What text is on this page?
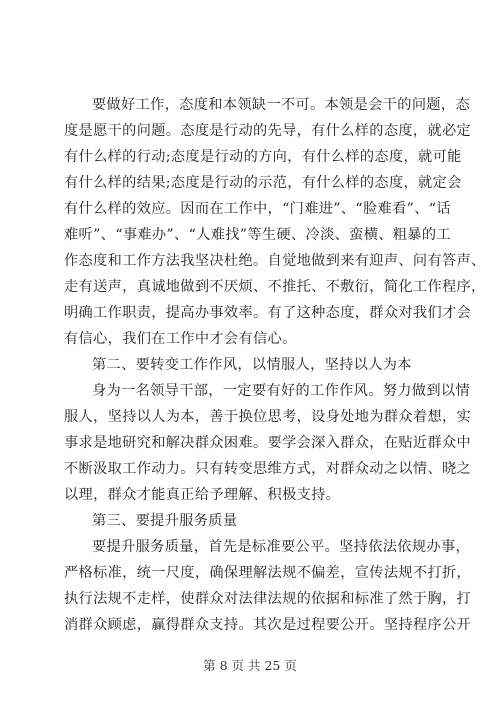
要做好工作，态度和本领缺一不可。本领是会干的问题，态
度是愿干的问题。态度是行动的先导，有什么样的态度，就必定
有什么样的行动;态度是行动的方向，有什么样的态度，就可能
有什么样的结果;态度是行动的示范，有什么样的态度，就定会
有什么样的效应。因而在工作中，“门难进”、“脸难看”、“话
难听”、“事难办”、“人难找”等生硬、冷淡、蛮横、粗暴的工
作态度和工作方法我坚决杜绝。自觉地做到来有迎声、问有答声、
走有送声，真诚地做到不厌烦、不推托、不敷衍，简化工作程序，
明确工作职责，提高办事效率。有了这种态度，群众对我们才会
有信心，我们在工作中才会有信心。
第二、要转变工作作风，以情服人，坚持以人为本
身为一名领导干部，一定要有好的工作作风。努力做到以情
服人，坚持以人为本，善于换位思考，设身处地为群众着想，实
事求是地研究和解决群众困难。要学会深入群众，在贴近群众中
不断汲取工作动力。只有转变思维方式，对群众动之以情、晓之
以理，群众才能真正给予理解、积极支持。
第三、要提升服务质量
要提升服务质量，首先是标准要公平。坚持依法依规办事，
严格标准，统一尺度，确保理解法规不偏差，宣传法规不打折，
执行法规不走样，使群众对法律法规的依据和标准了然于胸，打
消群众顾虑，赢得群众支持。其次是过程要公开。坚持程序公开
第 8 页 共 25 页
